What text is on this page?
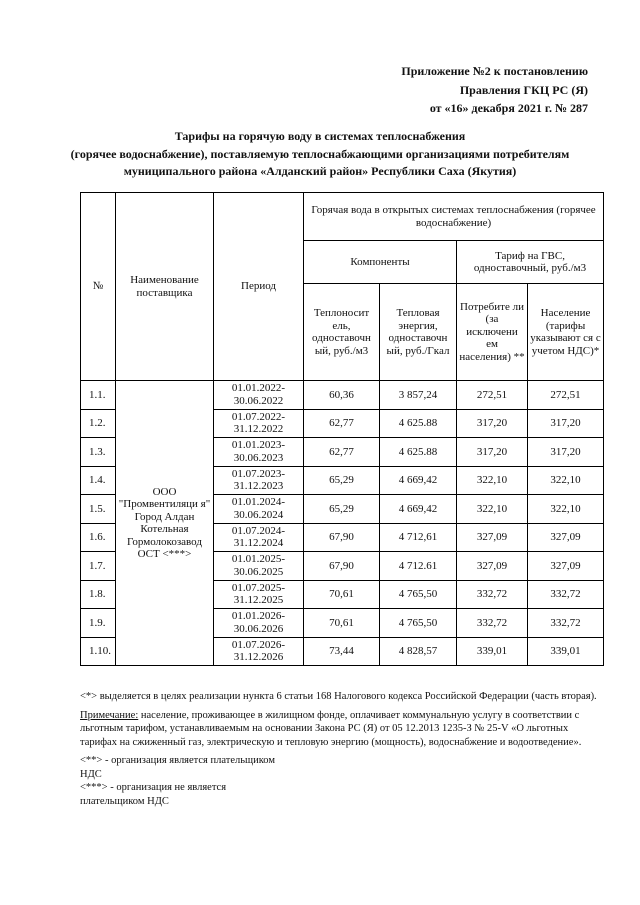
Приложение №2 к постановлению
Правления ГКЦ РС (Я)
от «16» декабря 2021 г. № 287
Тарифы на горячую воду в системах теплоснабжения
(горячее водоснабжение), поставляемую теплоснабжающими организациями потребителям
муниципального района «Алданский район» Республики Саха (Якутия)
№	Наименование поставщика	Период	Горячая вода в открытых системах теплоснабжения (горячее водоснабжение)			
			Компоненты		Тариф на ГВС, одноставочный, руб./м3	
			Теплоносит ель, одноставочн ый, руб./м3	Тепловая энергия, одноставочн ый, руб./Гкал	Потребите ли (за исключени ем населения) **	Население (тарифы указывают ся с учетом НДС)*
1.1.	ООО "Промвентиляци я" Город Алдан Котельная Гормолокозавод ОСТ <***>	01.01.2022-30.06.2022	60,36	3 857,24	272,51	272,51
1.2.		01.07.2022-31.12.2022	62,77	4 625.88	317,20	317,20
1.3.		01.01.2023-30.06.2023	62,77	4 625.88	317,20	317,20
1.4.		01.07.2023-31.12.2023	65,29	4 669,42	322,10	322,10
1.5.		01.01.2024-30.06.2024	65,29	4 669,42	322,10	322,10
1.6.		01.07.2024-31.12.2024	67,90	4 712,61	327,09	327,09
1.7.		01.01.2025-30.06.2025	67,90	4 712.61	327,09	327,09
1.8.		01.07.2025-31.12.2025	70,61	4 765,50	332,72	332,72
1.9.		01.01.2026-30.06.2026	70,61	4 765,50	332,72	332,72
1.10.		01.07.2026-31.12.2026	73,44	4 828,57	339,01	339,01

<*> выделяется в целях реализации нункта 6 статьи 168 Налогового кодекса Российской Федерации (часть вторая).

Примечание: население, проживающее в жилищном фонде, оплачивает коммунальную услугу в соответствии с льготным тарифом, устанавливаемым на основании Закона РС (Я) от 05 12.2013 1235-З № 25-V «О льготных тарифах на сжиженный газ, электрическую и тепловую энергию (мощность), водоснабжение и водоотведение».

<**> - организация является плательщиком
НДС
<***> - организация не является
плательщиком НДС
